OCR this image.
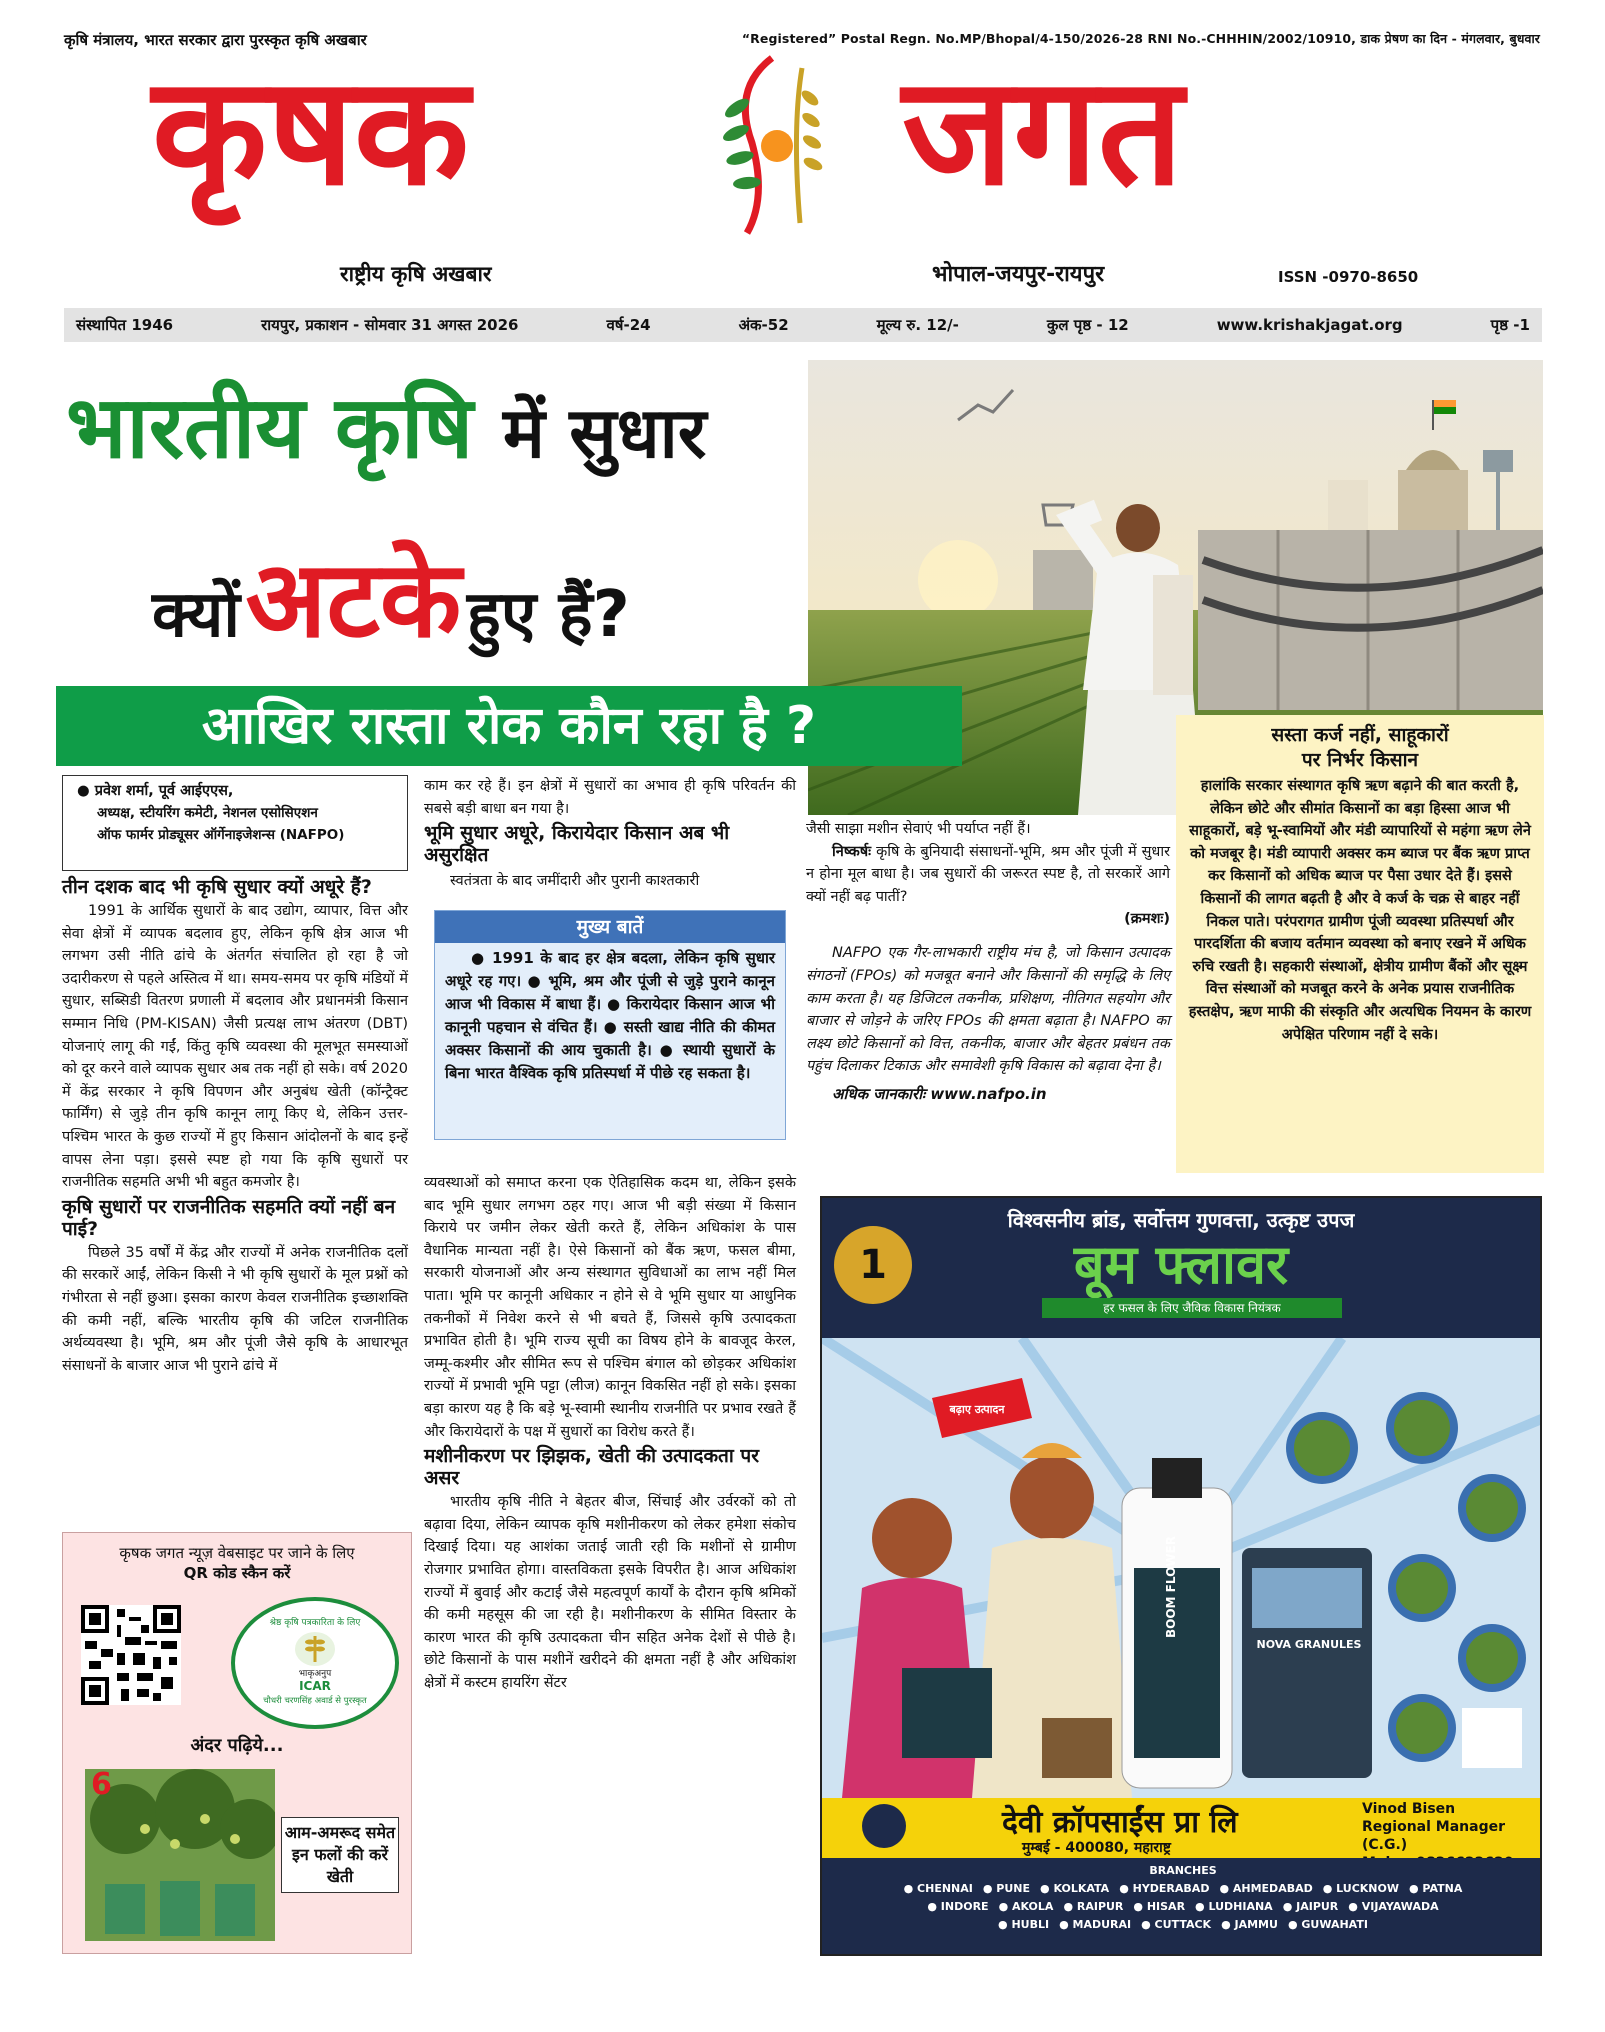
कृषि मंत्रालय, भारत सरकार द्वारा पुरस्कृत कृषि अखबार	“Registered” Postal Regn. No.MP/Bhopal/4-150/2026-28 RNI No.-CHHHIN/2002/10910, डाक प्रेषण का दिन - मंगलवार, बुधवार
कृषक	जगत
राष्ट्रीय कृषि अखबार	भोपाल-जयपुर-रायपुर	ISSN -0970-8650
संस्थापित 1946	रायपुर, प्रकाशन - सोमवार 31 अगस्त 2026	वर्ष-24	अंक-52	मूल्य रु. 12/-	कुल पृष्ठ - 12	www.krishakjagat.org	पृष्ठ -1
भारतीय कृषि में सुधार
क्यों अटके हुए हैं?
आखिर रास्ता रोक कौन रहा है ?
● प्रवेश शर्मा, पूर्व आईएएस,
अध्यक्ष, स्टीयरिंग कमेटी, नेशनल एसोसिएशन
ऑफ फार्मर प्रोड्यूसर ऑर्गेनाइजेशन्स (NAFPO)
तीन दशक बाद भी कृषि सुधार क्यों अधूरे हैं?

1991 के आर्थिक सुधारों के बाद उद्योग, व्यापार, वित्त और सेवा क्षेत्रों में व्यापक बदलाव हुए, लेकिन कृषि क्षेत्र आज भी लगभग उसी नीति ढांचे के अंतर्गत संचालित हो रहा है जो उदारीकरण से पहले अस्तित्व में था। समय-समय पर कृषि मंडियों में सुधार, सब्सिडी वितरण प्रणाली में बदलाव और प्रधानमंत्री किसान सम्मान निधि (PM-KISAN) जैसी प्रत्यक्ष लाभ अंतरण (DBT) योजनाएं लागू की गईं, किंतु कृषि व्यवस्था की मूलभूत समस्याओं को दूर करने वाले व्यापक सुधार अब तक नहीं हो सके। वर्ष 2020 में केंद्र सरकार ने कृषि विपणन और अनुबंध खेती (कॉन्ट्रैक्ट फार्मिंग) से जुड़े तीन कृषि कानून लागू किए थे, लेकिन उत्तर-पश्चिम भारत के कुछ राज्यों में हुए किसान आंदोलनों के बाद इन्हें वापस लेना पड़ा। इससे स्पष्ट हो गया कि कृषि सुधारों पर राजनीतिक सहमति अभी भी बहुत कमजोर है।

कृषि सुधारों पर राजनीतिक सहमति क्यों नहीं बन पाई?

पिछले 35 वर्षों में केंद्र और राज्यों में अनेक राजनीतिक दलों की सरकारें आईं, लेकिन किसी ने भी कृषि सुधारों के मूल प्रश्नों को गंभीरता से नहीं छुआ। इसका कारण केवल राजनीतिक इच्छाशक्ति की कमी नहीं, बल्कि भारतीय कृषि की जटिल राजनीतिक अर्थव्यवस्था है। भूमि, श्रम और पूंजी जैसे कृषि के आधारभूत संसाधनों के बाजार आज भी पुराने ढांचे में

कृषक जगत न्यूज़ वेबसाइट पर जाने के लिए
QR कोड स्कैन करें
श्रेष्ठ कृषि पत्रकारिता के लिए
भाकृअनुप
ICAR
चौधरी चरणसिंह अवार्ड से पुरस्कृत
अंदर पढ़िये...
6
आम-अमरूद समेत इन फलों की करें खेती

काम कर रहे हैं। इन क्षेत्रों में सुधारों का अभाव ही कृषि परिवर्तन की सबसे बड़ी बाधा बन गया है।

भूमि सुधार अधूरे, किरायेदार किसान अब भी असुरक्षित

स्वतंत्रता के बाद जमींदारी और पुरानी काश्तकारी

मुख्य बातें
● 1991 के बाद हर क्षेत्र बदला, लेकिन कृषि सुधार अधूरे रह गए। ● भूमि, श्रम और पूंजी से जुड़े पुराने कानून आज भी विकास में बाधा हैं। ● किरायेदार किसान आज भी कानूनी पहचान से वंचित हैं। ● सस्ती खाद्य नीति की कीमत अक्सर किसानों की आय चुकाती है। ● स्थायी सुधारों के बिना भारत वैश्विक कृषि प्रतिस्पर्धा में पीछे रह सकता है।

व्यवस्थाओं को समाप्त करना एक ऐतिहासिक कदम था, लेकिन इसके बाद भूमि सुधार लगभग ठहर गए। आज भी बड़ी संख्या में किसान किराये पर जमीन लेकर खेती करते हैं, लेकिन अधिकांश के पास वैधानिक मान्यता नहीं है। ऐसे किसानों को बैंक ऋण, फसल बीमा, सरकारी योजनाओं और अन्य संस्थागत सुविधाओं का लाभ नहीं मिल पाता। भूमि पर कानूनी अधिकार न होने से वे भूमि सुधार या आधुनिक तकनीकों में निवेश करने से भी बचते हैं, जिससे कृषि उत्पादकता प्रभावित होती है। भूमि राज्य सूची का विषय होने के बावजूद केरल, जम्मू-कश्मीर और सीमित रूप से पश्चिम बंगाल को छोड़कर अधिकांश राज्यों में प्रभावी भूमि पट्टा (लीज) कानून विकसित नहीं हो सके। इसका बड़ा कारण यह है कि बड़े भू-स्वामी स्थानीय राजनीति पर प्रभाव रखते हैं और किरायेदारों के पक्ष में सुधारों का विरोध करते हैं।

मशीनीकरण पर झिझक, खेती की उत्पादकता पर असर

भारतीय कृषि नीति ने बेहतर बीज, सिंचाई और उर्वरकों को तो बढ़ावा दिया, लेकिन व्यापक कृषि मशीनीकरण को लेकर हमेशा संकोच दिखाई दिया। यह आशंका जताई जाती रही कि मशीनों से ग्रामीण रोजगार प्रभावित होगा। वास्तविकता इसके विपरीत है। आज अधिकांश राज्यों में बुवाई और कटाई जैसे महत्वपूर्ण कार्यों के दौरान कृषि श्रमिकों की कमी महसूस की जा रही है। मशीनीकरण के सीमित विस्तार के कारण भारत की कृषि उत्पादकता चीन सहित अनेक देशों से पीछे है। छोटे किसानों के पास मशीनें खरीदने की क्षमता नहीं है और अधिकांश क्षेत्रों में कस्टम हायरिंग सेंटर

जैसी साझा मशीन सेवाएं भी पर्याप्त नहीं हैं।

निष्कर्षः कृषि के बुनियादी संसाधनों-भूमि, श्रम और पूंजी में सुधार न होना मूल बाधा है। जब सुधारों की जरूरत स्पष्ट है, तो सरकारें आगे क्यों नहीं बढ़ पातीं?

(क्रमशः)

NAFPO एक गैर-लाभकारी राष्ट्रीय मंच है, जो किसान उत्पादक संगठनों (FPOs) को मजबूत बनाने और किसानों की समृद्धि के लिए काम करता है। यह डिजिटल तकनीक, प्रशिक्षण, नीतिगत सहयोग और बाजार से जोड़ने के जरिए FPOs की क्षमता बढ़ाता है। NAFPO का लक्ष्य छोटे किसानों को वित्त, तकनीक, बाजार और बेहतर प्रबंधन तक पहुंच दिलाकर टिकाऊ और समावेशी कृषि विकास को बढ़ावा देना है।

अधिक जानकारीः www.nafpo.in
सस्ता कर्ज नहीं, साहूकारों
पर निर्भर किसान
हालांकि सरकार संस्थागत कृषि ऋण बढ़ाने की बात करती है, लेकिन छोटे और सीमांत किसानों का बड़ा हिस्सा आज भी साहूकारों, बड़े भू-स्वामियों और मंडी व्यापारियों से महंगा ऋण लेने को मजबूर है। मंडी व्यापारी अक्सर कम ब्याज पर बैंक ऋण प्राप्त कर किसानों को अधिक ब्याज पर पैसा उधार देते हैं। इससे किसानों की लागत बढ़ती है और वे कर्ज के चक्र से बाहर नहीं निकल पाते। परंपरागत ग्रामीण पूंजी व्यवस्था प्रतिस्पर्धा और पारदर्शिता की बजाय वर्तमान व्यवस्था को बनाए रखने में अधिक रुचि रखती है। सहकारी संस्थाओं, क्षेत्रीय ग्रामीण बैंकों और सूक्ष्म वित्त संस्थाओं को मजबूत करने के अनेक प्रयास राजनीतिक हस्तक्षेप, ऋण माफी की संस्कृति और अत्यधिक नियमन के कारण अपेक्षित परिणाम नहीं दे सके।
विश्वसनीय ब्रांड, सर्वोत्तम गुणवत्ता, उत्कृष्ट उपज
बूम फ्लावर
हर फसल के लिए जैविक विकास नियंत्रक
1
बढ़ाए उत्पादन
BOOM FLOWER
NOVA GRANULES
देवी क्रॉपसाईंस प्रा लि
मुम्बई - 400080, महाराष्ट्र
Vinod Bisen
Regional Manager (C.G.)
BRANCHES
● CHENNAI ● PUNE ● KOLKATA ● HYDERABAD ● AHMEDABAD ● LUCKNOW ● PATNA
● INDORE ● AKOLA ● RAIPUR ● HISAR ● LUDHIANA ● JAIPUR ● VIJAYAWADA
● HUBLI ● MADURAI ● CUTTACK ● JAMMU ● GUWAHATI
